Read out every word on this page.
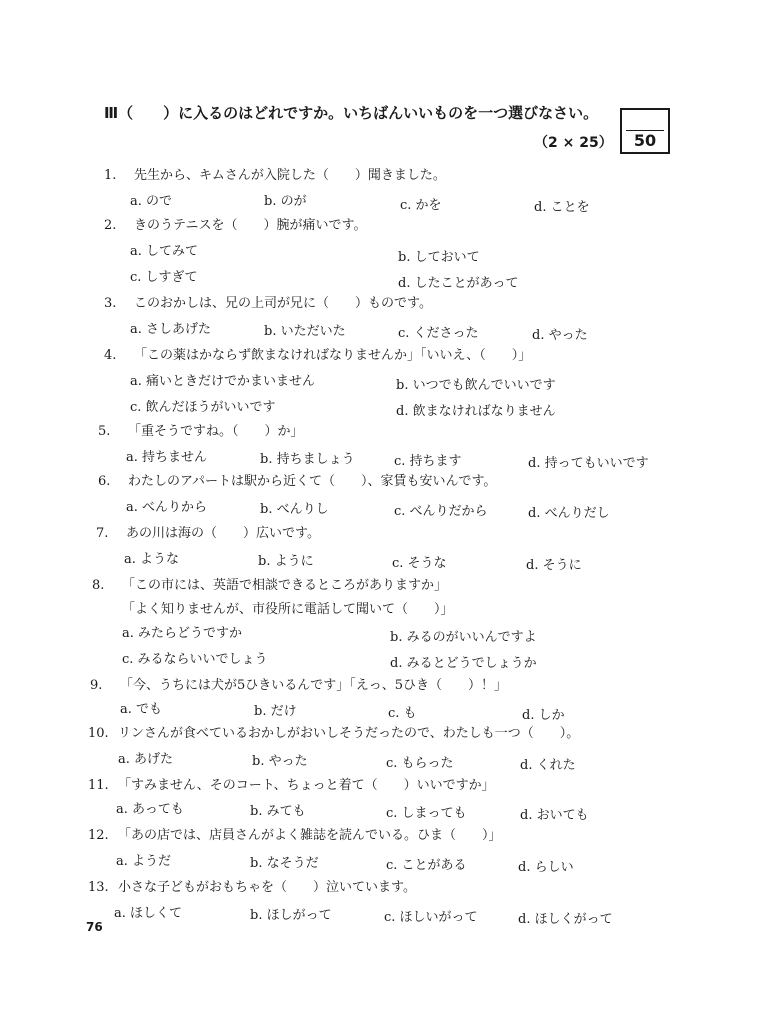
Ⅲ（　　）に入るのはどれですか。いちばんいいものを一つ選びなさい。
（2 × 25）	50
1. 先生から、キムさんが入院した（　　）聞きました。
a. ので	b. のが	c. かを	d. ことを
2. きのうテニスを（　　）腕が痛いです。
a. してみて	b. しておいて
c. しすぎて	d. したことがあって
3. このおかしは、兄の上司が兄に（　　）ものです。
a. さしあげた	b. いただいた	c. くださった	d. やった
4. 「この薬はかならず飲まなければなりませんか」「いいえ、（　　）」
a. 痛いときだけでかまいません	b. いつでも飲んでいいです
c. 飲んだほうがいいです	d. 飲まなければなりません
5. 「重そうですね。（　　）か」
a. 持ちません	b. 持ちましょう	c. 持ちます	d. 持ってもいいです
6. わたしのアパートは駅から近くて（　　）、家賃も安いんです。
a. べんりから	b. べんりし	c. べんりだから	d. べんりだし
7. あの川は海の（　　）広いです。
a. ような	b. ように	c. そうな	d. そうに
8. 「この市には、英語で相談できるところがありますか」
「よく知りませんが、市役所に電話して聞いて（　　）」
a. みたらどうですか	b. みるのがいいんですよ
c. みるならいいでしょう	d. みるとどうでしょうか
9. 「今、うちには犬が5ひきいるんです」「えっ、5ひき（　　）！」
a. でも	b. だけ	c. も	d. しか
10. リンさんが食べているおかしがおいしそうだったので、わたしも一つ（　　）。
a. あげた	b. やった	c. もらった	d. くれた
11. 「すみません、そのコート、ちょっと着て（　　）いいですか」
a. あっても	b. みても	c. しまっても	d. おいても
12. 「あの店では、店員さんがよく雑誌を読んでいる。ひま（　　）」
a. ようだ	b. なそうだ	c. ことがある	d. らしい
13. 小さな子どもがおもちゃを（　　）泣いています。
a. ほしくて	b. ほしがって	c. ほしいがって	d. ほしくがって
76
